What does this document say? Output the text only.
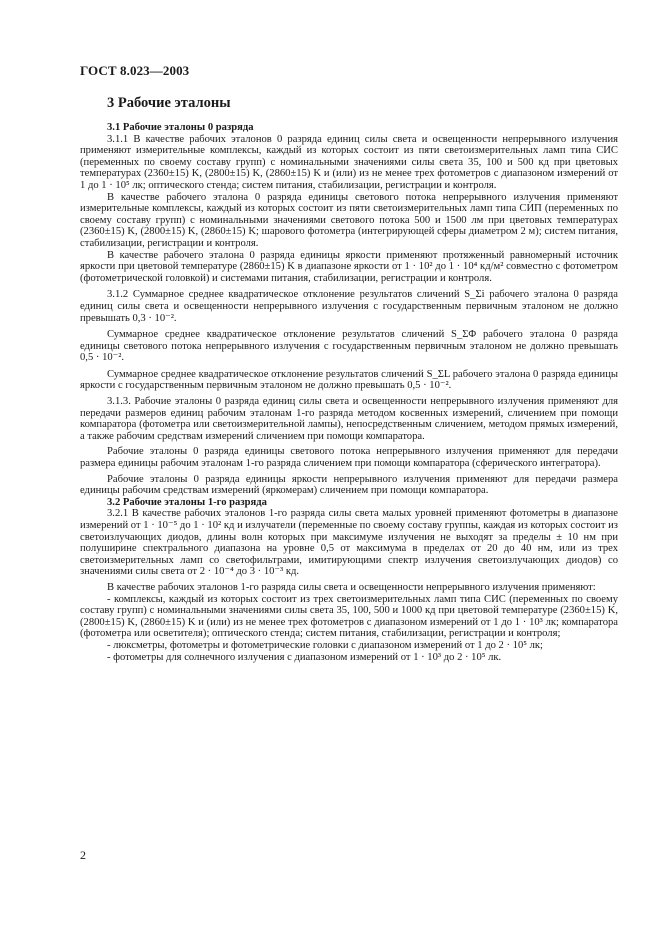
ГОСТ 8.023—2003
3 Рабочие эталоны
3.1 Рабочие эталоны 0 разряда

3.1.1 В качестве рабочих эталонов 0 разряда единиц силы света и освещенности непрерывного излучения применяют измерительные комплексы, каждый из которых состоит из пяти светоизмерительных ламп типа СИС (переменных по своему составу групп) с номинальными значениями силы света 35, 100 и 500 кд при цветовых температурах (2360±15) K, (2800±15) K, (2860±15) K и (или) из не менее трех фотометров с диапазоном измерений от 1 до 1 · 10⁵ лк; оптического стенда; систем питания, стабилизации, регистрации и контроля.

В качестве рабочего эталона 0 разряда единицы светового потока непрерывного излучения применяют измерительные комплексы, каждый из которых состоит из пяти светоизмерительных ламп типа СИП (переменных по своему составу групп) с номинальными значениями светового потока 500 и 1500 лм при цветовых температурах (2360±15) K, (2800±15) K, (2860±15) K; шарового фотометра (интегрирующей сферы диаметром 2 м); систем питания, стабилизации, регистрации и контроля.

В качестве рабочего эталона 0 разряда единицы яркости применяют протяженный равномерный источник яркости при цветовой температуре (2860±15) K в диапазоне яркости от 1 · 10² до 1 · 10⁴ кд/м² совместно с фотометром (фотометрической головкой) и системами питания, стабилизации, регистрации и контроля.

3.1.2 Суммарное среднее квадратическое отклонение результатов сличений S_Σi рабочего эталона 0 разряда единиц силы света и освещенности непрерывного излучения с государственным первичным эталоном не должно превышать 0,3 · 10⁻².

Суммарное среднее квадратическое отклонение результатов сличений S_ΣΦ рабочего эталона 0 разряда единицы светового потока непрерывного излучения с государственным первичным эталоном не должно превышать 0,5 · 10⁻².

Суммарное среднее квадратическое отклонение результатов сличений S_ΣL рабочего эталона 0 разряда единицы яркости с государственным первичным эталоном не должно превышать 0,5 · 10⁻².

3.1.3. Рабочие эталоны 0 разряда единиц силы света и освещенности непрерывного излучения применяют для передачи размеров единиц рабочим эталонам 1-го разряда методом косвенных измерений, сличением при помощи компаратора (фотометра или светоизмерительной лампы), непосредственным сличением, методом прямых измерений, а также рабочим средствам измерений сличением при помощи компаратора.

Рабочие эталоны 0 разряда единицы светового потока непрерывного излучения применяют для передачи размера единицы рабочим эталонам 1-го разряда сличением при помощи компаратора (сферического интегратора).

Рабочие эталоны 0 разряда единицы яркости непрерывного излучения применяют для передачи размера единицы рабочим средствам измерений (яркомерам) сличением при помощи компаратора.

3.2 Рабочие эталоны 1-го разряда

3.2.1 В качестве рабочих эталонов 1-го разряда силы света малых уровней применяют фотометры в диапазоне измерений от 1 · 10⁻⁵ до 1 · 10² кд и излучатели (переменные по своему составу группы, каждая из которых состоит из светоизлучающих диодов, длины волн которых при максимуме излучения не выходят за пределы ± 10 нм при полуширине спектрального диапазона на уровне 0,5 от максимума в пределах от 20 до 40 нм, или из трех светоизмерительных ламп со светофильтрами, имитирующими спектр излучения светоизлучающих диодов) со значениями силы света от 2 · 10⁻⁴ до 3 · 10⁻³ кд.

В качестве рабочих эталонов 1-го разряда силы света и освещенности непрерывного излучения применяют:

- комплексы, каждый из которых состоит из трех светоизмерительных ламп типа СИС (переменных по своему составу групп) с номинальными значениями силы света 35, 100, 500 и 1000 кд при цветовой температуре (2360±15) K, (2800±15) K, (2860±15) K и (или) из не менее трех фотометров с диапазоном измерений от 1 до 1 · 10³ лк; компаратора (фотометра или осветителя); оптического стенда; систем питания, стабилизации, регистрации и контроля;
- люксметры, фотометры и фотометрические головки с диапазоном измерений от 1 до 2 · 10⁵ лк;
- фотометры для солнечного излучения с диапазоном измерений от 1 · 10³ до 2 · 10⁵ лк.
2
